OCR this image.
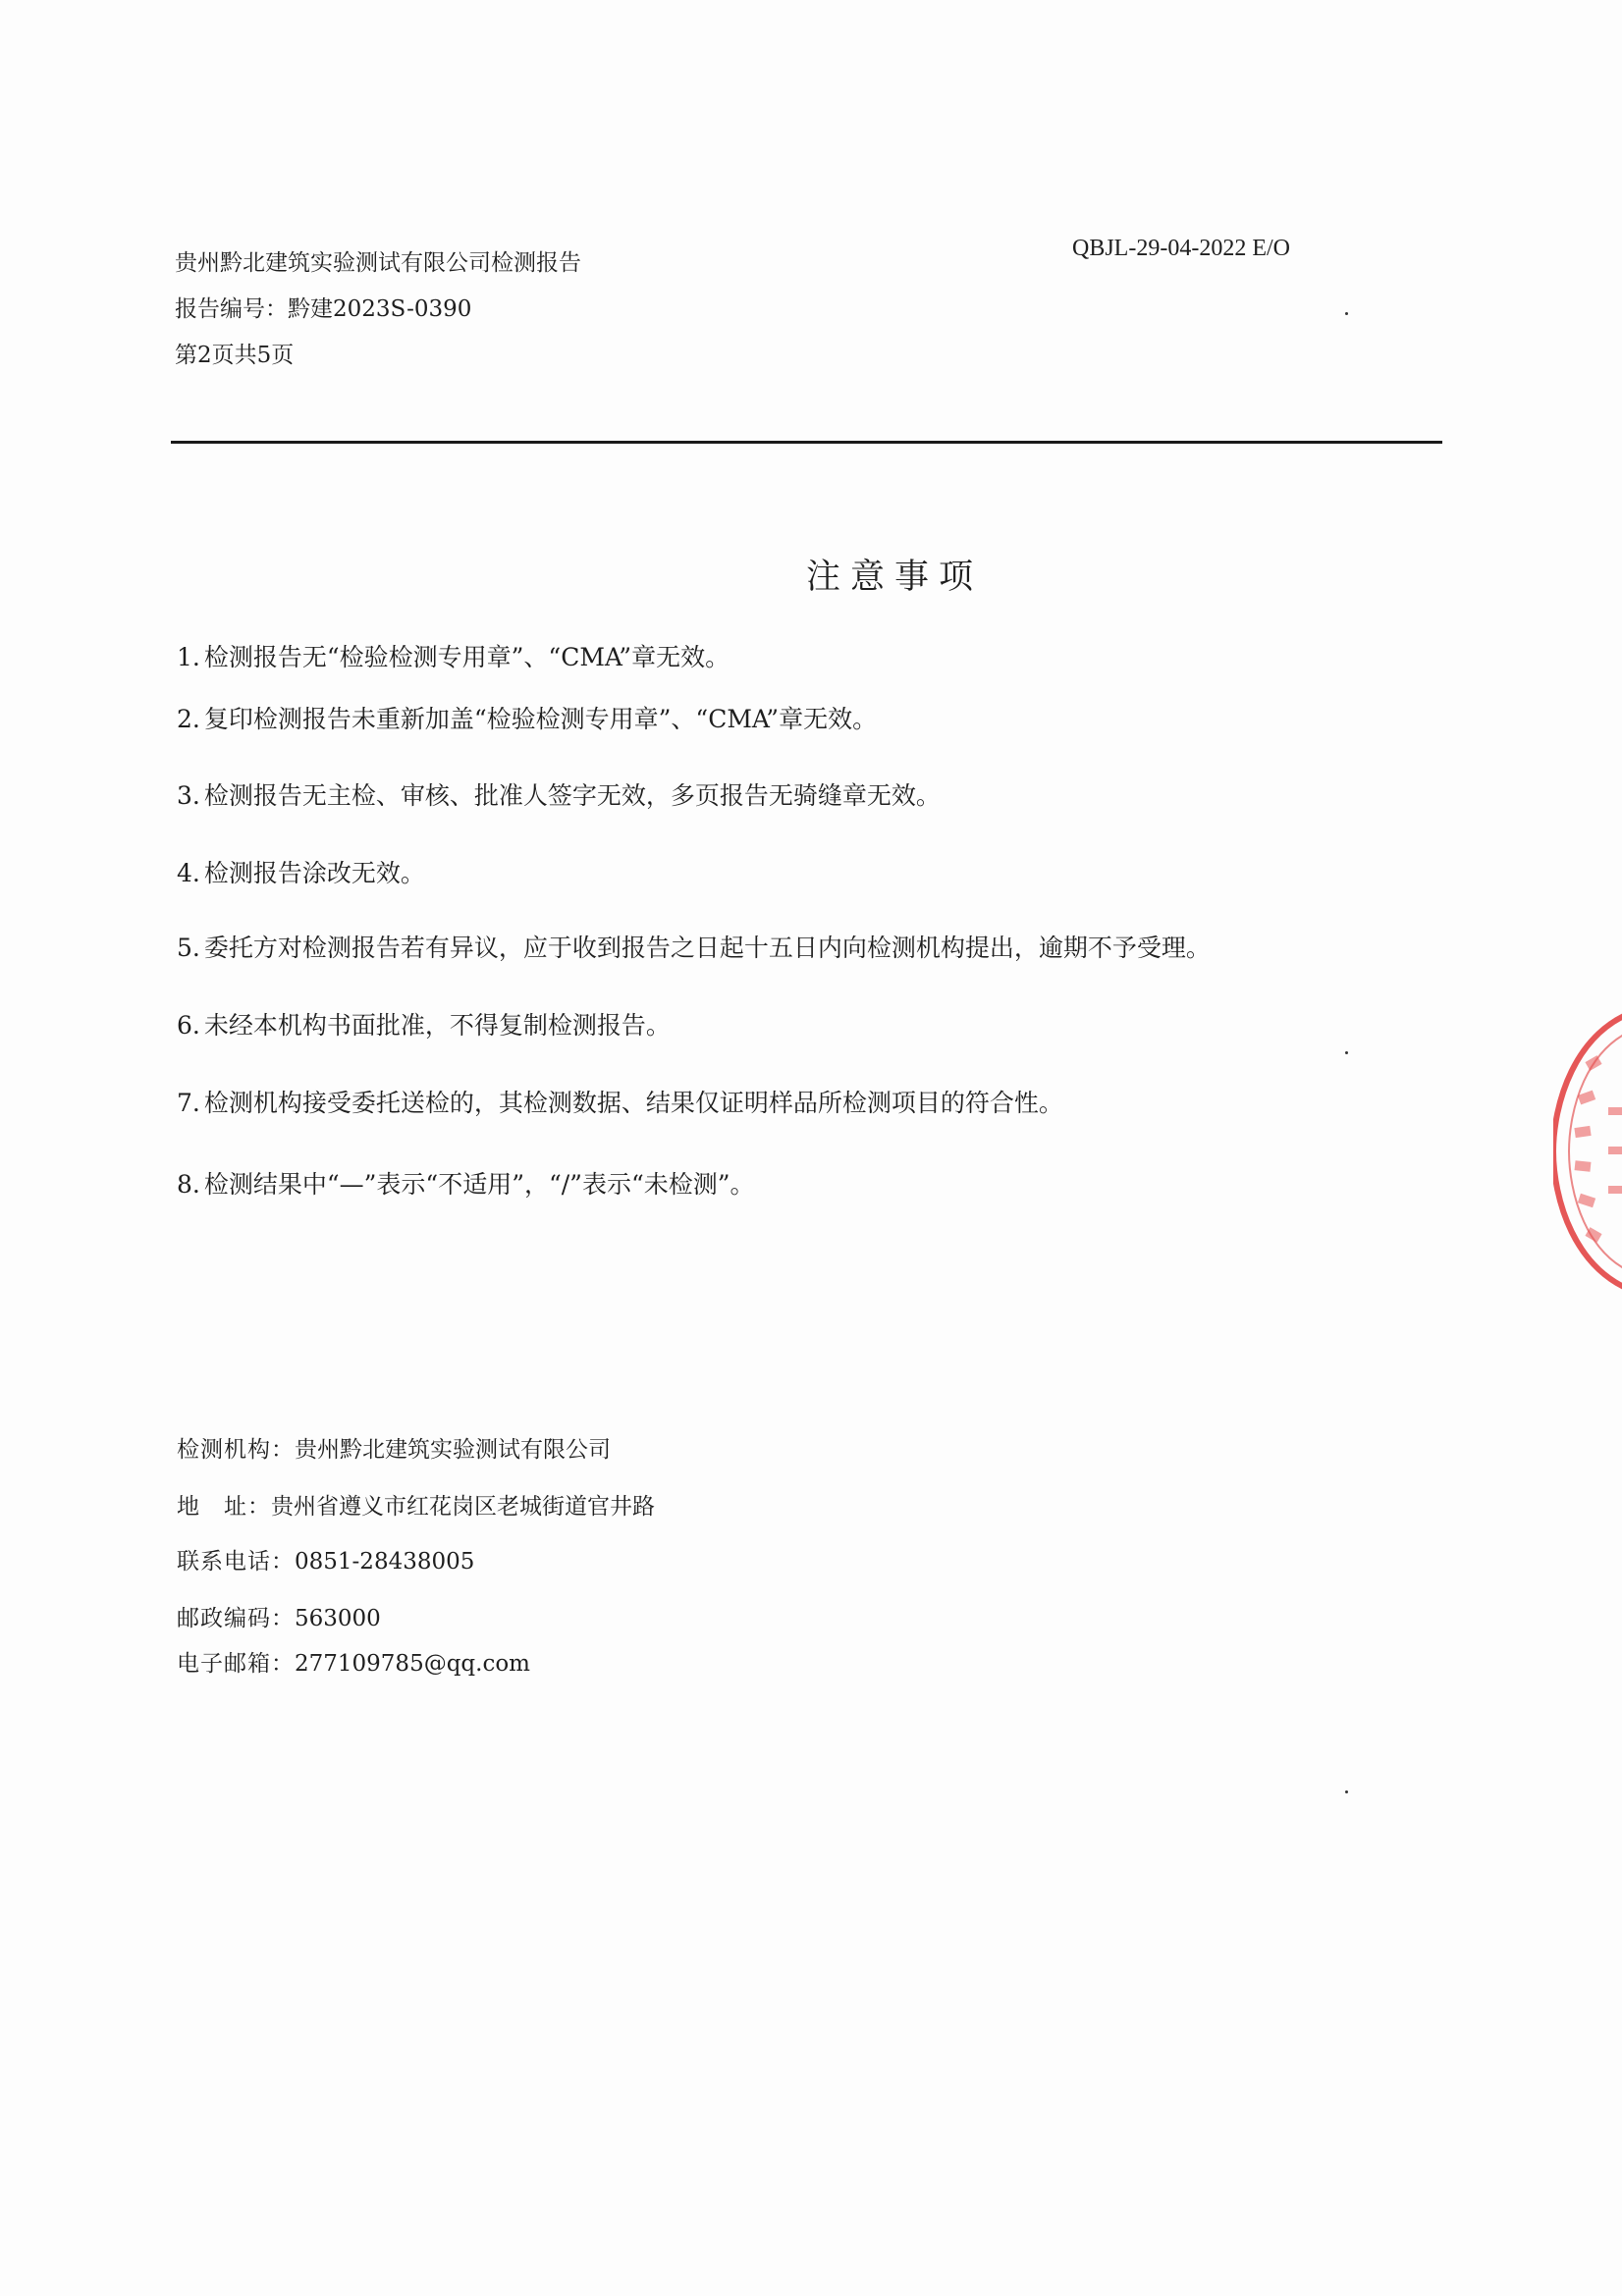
贵州黔北建筑实验测试有限公司检测报告
报告编号：黔建2023S-0390
第2页共5页
QBJL-29-04-2022 E/O
注意事项
1. 检测报告无“检验检测专用章”、“CMA”章无效。
2. 复印检测报告未重新加盖“检验检测专用章”、“CMA”章无效。
3. 检测报告无主检、审核、批准人签字无效，多页报告无骑缝章无效。
4. 检测报告涂改无效。
5. 委托方对检测报告若有异议，应于收到报告之日起十五日内向检测机构提出，逾期不予受理。
6. 未经本机构书面批准，不得复制检测报告。
7. 检测机构接受委托送检的，其检测数据、结果仅证明样品所检测项目的符合性。
8. 检测结果中“—”表示“不适用”，“/”表示“未检测”。
检测机构：贵州黔北建筑实验测试有限公司
地　址：贵州省遵义市红花岗区老城街道官井路
联系电话：0851-28438005
邮政编码：563000
电子邮箱：277109785@qq.com
